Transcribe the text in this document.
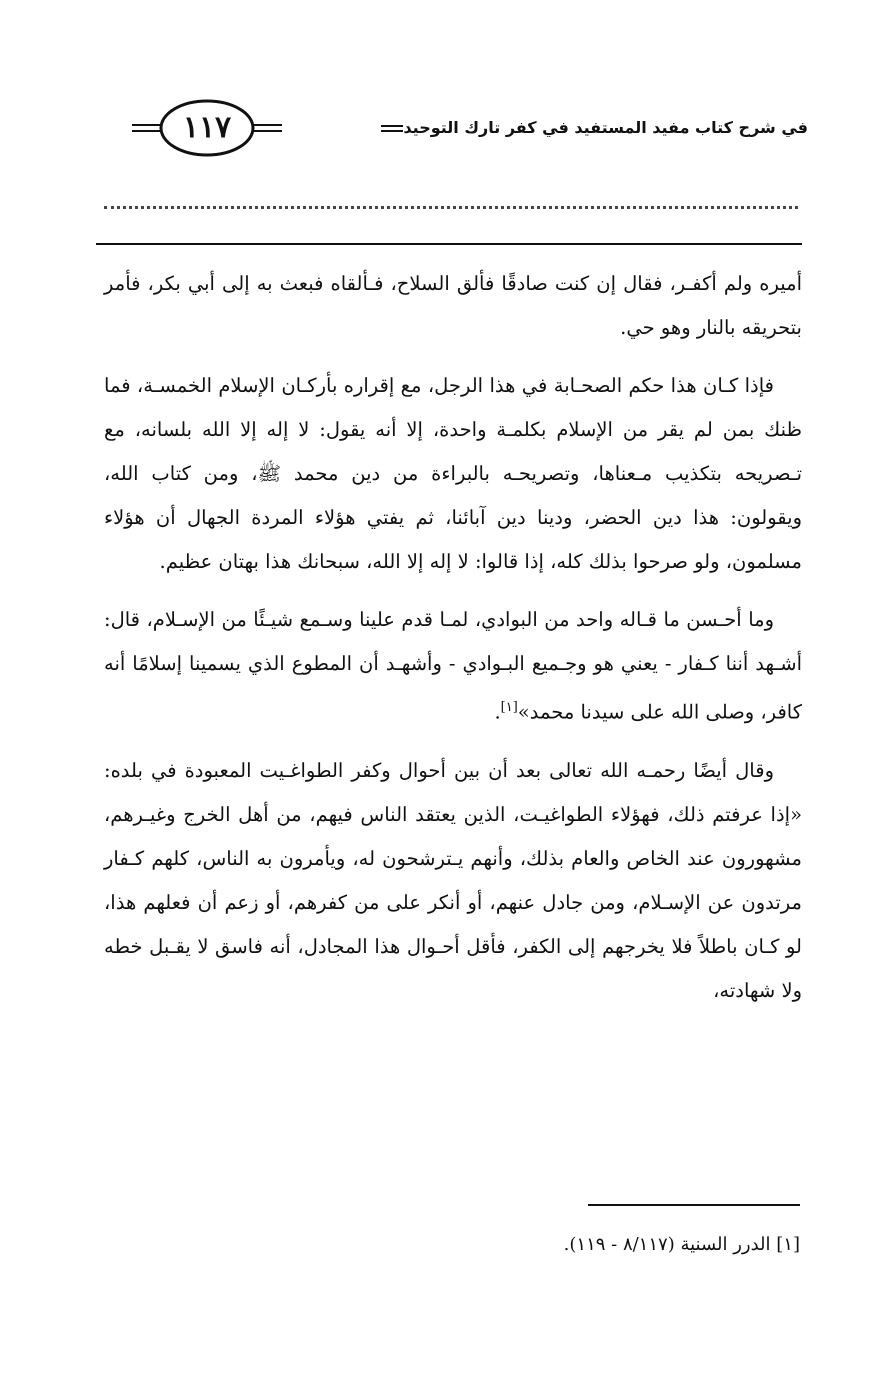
١١٧	في شرح كتاب مفيد المستفيد في كفر تارك التوحيد

أميره ولم أكفـر، فقال إن كنت صادقًا فألق السلاح، فـألقاه فبعث به إلى أبي بكر، فأمر بتحريقه بالنار وهو حي.

فإذا كـان هذا حكم الصحـابة في هذا الرجل، مع إقراره بأركـان الإسلام الخمسـة، فما ظنك بمن لم يقر من الإسلام بكلمـة واحدة، إلا أنه يقول: لا إله إلا الله بلسانه، مع تـصريحه بتكذيب مـعناها، وتصريحـه بالبراءة من دين محمد ﷺ، ومن كتاب الله، ويقولون: هذا دين الحضر، ودينا دين آبائنا، ثم يفتي هؤلاء المردة الجهال أن هؤلاء مسلمون، ولو صرحوا بذلك كله، إذا قالوا: لا إله إلا الله، سبحانك هذا بهتان عظيم.

وما أحـسن ما قـاله واحد من البوادي، لمـا قدم علينا وسـمع شيـئًا من الإسـلام، قال: أشـهد أننا كـفار - يعني هو وجـميع البـوادي - وأشهـد أن المطوع الذي يسمينا إسلامًا أنه كافر، وصلى الله على سيدنا محمد»[١].

وقال أيضًا رحمـه الله تعالى بعد أن بين أحوال وكفر الطواغـيت المعبودة في بلده: «إذا عرفتم ذلك، فهؤلاء الطواغيـت، الذين يعتقد الناس فيهم، من أهل الخرج وغيـرهم، مشهورون عند الخاص والعام بذلك، وأنهم يـترشحون له، ويأمرون به الناس، كلهم كـفار مرتدون عن الإسـلام، ومن جادل عنهم، أو أنكر على من كفرهم، أو زعم أن فعلهم هذا، لو كـان باطلاً فلا يخرجهم إلى الكفر، فأقل أحـوال هذا المجادل، أنه فاسق لا يقـبل خطه ولا شهادته،

[١] الدرر السنية (٨/١١٧ - ١١٩).
